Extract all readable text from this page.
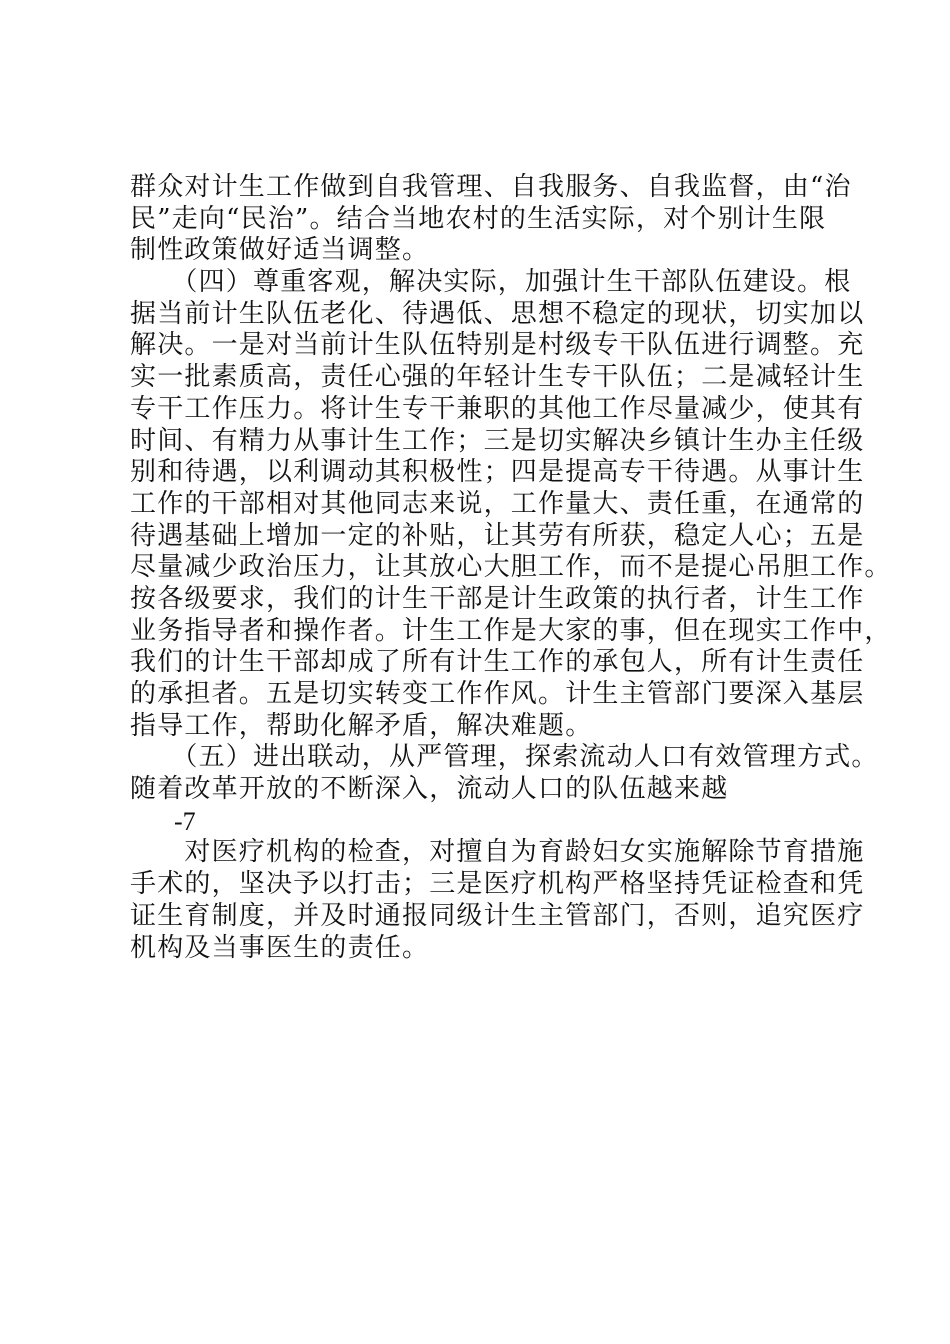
群众对计生工作做到自我管理、自我服务、自我监督，由“治
民”走向“民治”。结合当地农村的生活实际，对个别计生限
制性政策做好适当调整。
　　（四）尊重客观，解决实际，加强计生干部队伍建设。根
据当前计生队伍老化、待遇低、思想不稳定的现状，切实加以
解决。一是对当前计生队伍特别是村级专干队伍进行调整。充
实一批素质高，责任心强的年轻计生专干队伍；二是减轻计生
专干工作压力。将计生专干兼职的其他工作尽量减少，使其有
时间、有精力从事计生工作；三是切实解决乡镇计生办主任级
别和待遇，以利调动其积极性；四是提高专干待遇。从事计生
工作的干部相对其他同志来说，工作量大、责任重，在通常的
待遇基础上增加一定的补贴，让其劳有所获，稳定人心；五是
尽量减少政治压力，让其放心大胆工作，而不是提心吊胆工作。
按各级要求，我们的计生干部是计生政策的执行者，计生工作
业务指导者和操作者。计生工作是大家的事，但在现实工作中，
我们的计生干部却成了所有计生工作的承包人，所有计生责任
的承担者。五是切实转变工作作风。计生主管部门要深入基层
指导工作，帮助化解矛盾，解决难题。
　　（五）进出联动，从严管理，探索流动人口有效管理方式。
随着改革开放的不断深入，流动人口的队伍越来越
-7
　　对医疗机构的检查，对擅自为育龄妇女实施解除节育措施
手术的，坚决予以打击；三是医疗机构严格坚持凭证检查和凭
证生育制度，并及时通报同级计生主管部门，否则，追究医疗
机构及当事医生的责任。
